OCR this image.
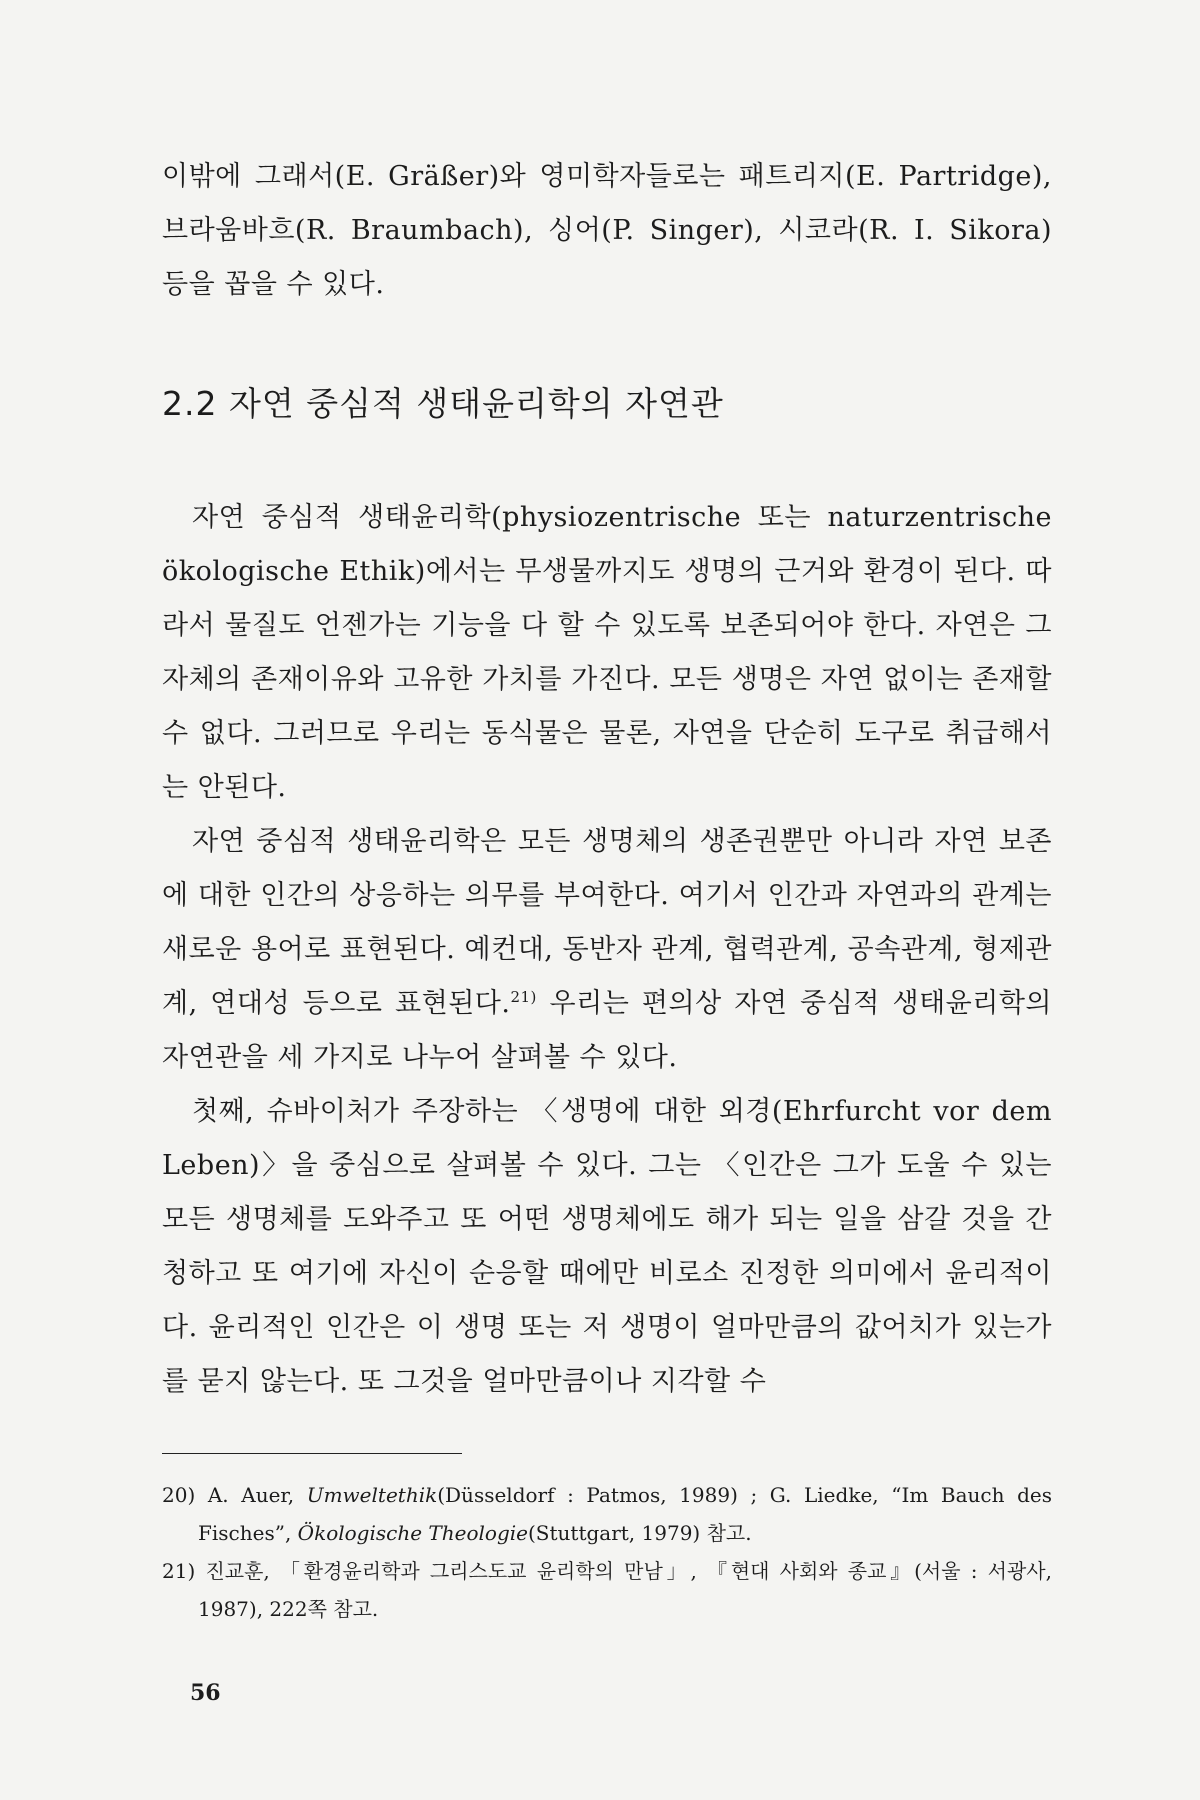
이밖에 그래서(E. Gräßer)와 영미학자들로는 패트리지(E. Partridge), 브라움바흐(R. Braumbach), 싱어(P. Singer), 시코라(R. I. Sikora) 등을 꼽을 수 있다.

2.2 자연 중심적 생태윤리학의 자연관

자연 중심적 생태윤리학(physiozentrische 또는 naturzentrische ökologische Ethik)에서는 무생물까지도 생명의 근거와 환경이 된다. 따라서 물질도 언젠가는 기능을 다 할 수 있도록 보존되어야 한다. 자연은 그 자체의 존재이유와 고유한 가치를 가진다. 모든 생명은 자연 없이는 존재할 수 없다. 그러므로 우리는 동식물은 물론, 자연을 단순히 도구로 취급해서는 안된다.

자연 중심적 생태윤리학은 모든 생명체의 생존권뿐만 아니라 자연 보존에 대한 인간의 상응하는 의무를 부여한다. 여기서 인간과 자연과의 관계는 새로운 용어로 표현된다. 예컨대, 동반자 관계, 협력관계, 공속관계, 형제관계, 연대성 등으로 표현된다.$^{21)}$ 우리는 편의상 자연 중심적 생태윤리학의 자연관을 세 가지로 나누어 살펴볼 수 있다.

첫째, 슈바이처가 주장하는 〈생명에 대한 외경(Ehrfurcht vor dem Leben)〉을 중심으로 살펴볼 수 있다. 그는 〈인간은 그가 도울 수 있는 모든 생명체를 도와주고 또 어떤 생명체에도 해가 되는 일을 삼갈 것을 간청하고 또 여기에 자신이 순응할 때에만 비로소 진정한 의미에서 윤리적이다. 윤리적인 인간은 이 생명 또는 저 생명이 얼마만큼의 값어치가 있는가를 묻지 않는다. 또 그것을 얼마만큼이나 지각할 수

20) A. Auer, Umweltethik(Düsseldorf : Patmos, 1989) ; G. Liedke, “Im Bauch des Fisches”, Ökologische Theologie(Stuttgart, 1979) 참고.

21) 진교훈, 「환경윤리학과 그리스도교 윤리학의 만남」, 『현대 사회와 종교』(서울 : 서광사, 1987), 222쪽 참고.

56
